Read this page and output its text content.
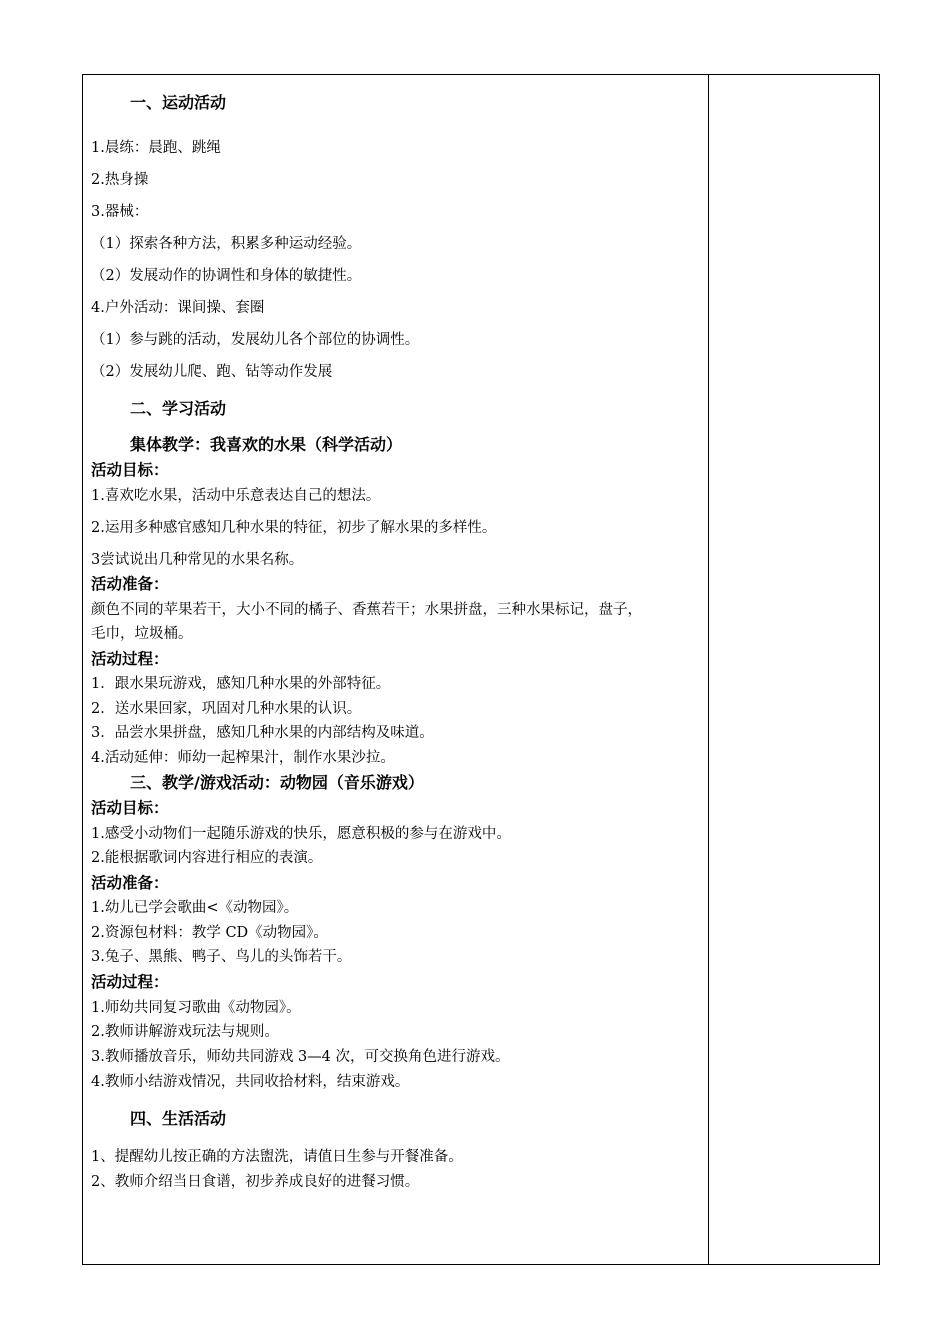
一、运动活动
1.晨练：晨跑、跳绳
2.热身操
3.器械：
（1）探索各种方法，积累多种运动经验。
（2）发展动作的协调性和身体的敏捷性。
4.户外活动：课间操、套圈
（1）参与跳的活动，发展幼儿各个部位的协调性。
（2）发展幼儿爬、跑、钻等动作发展
二、学习活动
集体教学：我喜欢的水果（科学活动）
活动目标：
1.喜欢吃水果，活动中乐意表达自己的想法。
2.运用多种感官感知几种水果的特征，初步了解水果的多样性。
3尝试说出几种常见的水果名称。
活动准备：
颜色不同的苹果若干，大小不同的橘子、香蕉若干；水果拼盘，三种水果标记，盘子，
毛巾，垃圾桶。
活动过程：
1．跟水果玩游戏，感知几种水果的外部特征。
2．送水果回家，巩固对几种水果的认识。
3．品尝水果拼盘，感知几种水果的内部结构及味道。
4.活动延伸：师幼一起榨果汁，制作水果沙拉。
三、教学/游戏活动：动物园（音乐游戏）
活动目标：
1.感受小动物们一起随乐游戏的快乐，愿意积极的参与在游戏中。
2.能根据歌词内容进行相应的表演。
活动准备：
1.幼儿已学会歌曲<《动物园》。
2.资源包材料：教学 CD《动物园》。
3.兔子、黑熊、鸭子、鸟儿的头饰若干。
活动过程：
1.师幼共同复习歌曲《动物园》。
2.教师讲解游戏玩法与规则。
3.教师播放音乐，师幼共同游戏 3—4 次，可交换角色进行游戏。
4.教师小结游戏情况，共同收拾材料，结束游戏。
四、生活活动
1、提醒幼儿按正确的方法盥洗，请值日生参与开餐准备。
2、教师介绍当日食谱，初步养成良好的进餐习惯。
